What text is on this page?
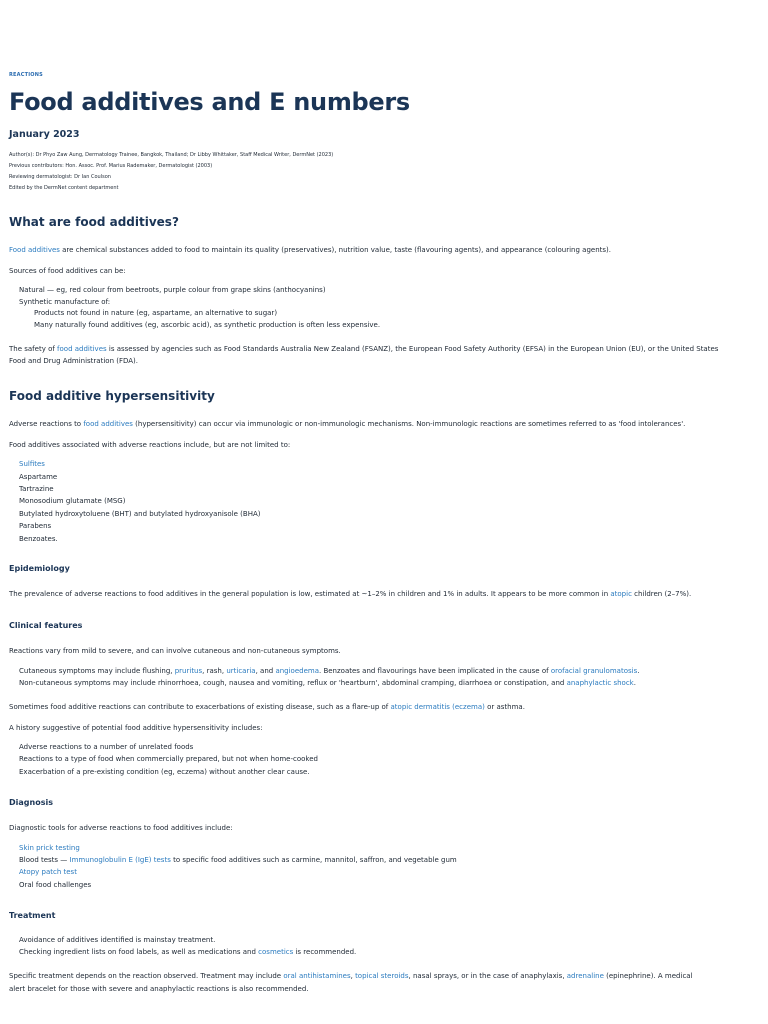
REACTIONS
Food additives and E numbers
January 2023
Author(s): Dr Phyo Zaw Aung, Dermatology Trainee, Bangkok, Thailand; Dr Libby Whittaker, Staff Medical Writer, DermNet (2023)
Previous contributors: Hon. Assoc. Prof. Marius Rademaker, Dermatologist (2003)
Reviewing dermatologist: Dr Ian Coulson
Edited by the DermNet content department
What are food additives?
Food additives are chemical substances added to food to maintain its quality (preservatives), nutrition value, taste (flavouring agents), and appearance (colouring agents).
Sources of food additives can be:
Natural — eg, red colour from beetroots, purple colour from grape skins (anthocyanins)
Synthetic manufacture of:
Products not found in nature (eg, aspartame, an alternative to sugar)
Many naturally found additives (eg, ascorbic acid), as synthetic production is often less expensive.
The safety of food additives is assessed by agencies such as Food Standards Australia New Zealand (FSANZ), the European Food Safety Authority (EFSA) in the European Union (EU), or the United States
Food and Drug Administration (FDA).
Food additive hypersensitivity
Adverse reactions to food additives (hypersensitivity) can occur via immunologic or non-immunologic mechanisms. Non-immunologic reactions are sometimes referred to as 'food intolerances'.
Food additives associated with adverse reactions include, but are not limited to:
Sulfites
Aspartame
Tartrazine
Monosodium glutamate (MSG)
Butylated hydroxytoluene (BHT) and butylated hydroxyanisole (BHA)
Parabens
Benzoates.
Epidemiology
The prevalence of adverse reactions to food additives in the general population is low, estimated at ~1–2% in children and 1% in adults. It appears to be more common in atopic children (2–7%).
Clinical features
Reactions vary from mild to severe, and can involve cutaneous and non-cutaneous symptoms.
Cutaneous symptoms may include flushing, pruritus, rash, urticaria, and angioedema. Benzoates and flavourings have been implicated in the cause of orofacial granulomatosis.
Non-cutaneous symptoms may include rhinorrhoea, cough, nausea and vomiting, reflux or 'heartburn', abdominal cramping, diarrhoea or constipation, and anaphylactic shock.
Sometimes food additive reactions can contribute to exacerbations of existing disease, such as a flare-up of atopic dermatitis (eczema) or asthma.
A history suggestive of potential food additive hypersensitivity includes:
Adverse reactions to a number of unrelated foods
Reactions to a type of food when commercially prepared, but not when home-cooked
Exacerbation of a pre-existing condition (eg, eczema) without another clear cause.
Diagnosis
Diagnostic tools for adverse reactions to food additives include:
Skin prick testing
Blood tests — Immunoglobulin E (IgE) tests to specific food additives such as carmine, mannitol, saffron, and vegetable gum
Atopy patch test
Oral food challenges
Treatment
Avoidance of additives identified is mainstay treatment.
Checking ingredient lists on food labels, as well as medications and cosmetics is recommended.
Specific treatment depends on the reaction observed. Treatment may include oral antihistamines, topical steroids, nasal sprays, or in the case of anaphylaxis, adrenaline (epinephrine). A medical
alert bracelet for those with severe and anaphylactic reactions is also recommended.
